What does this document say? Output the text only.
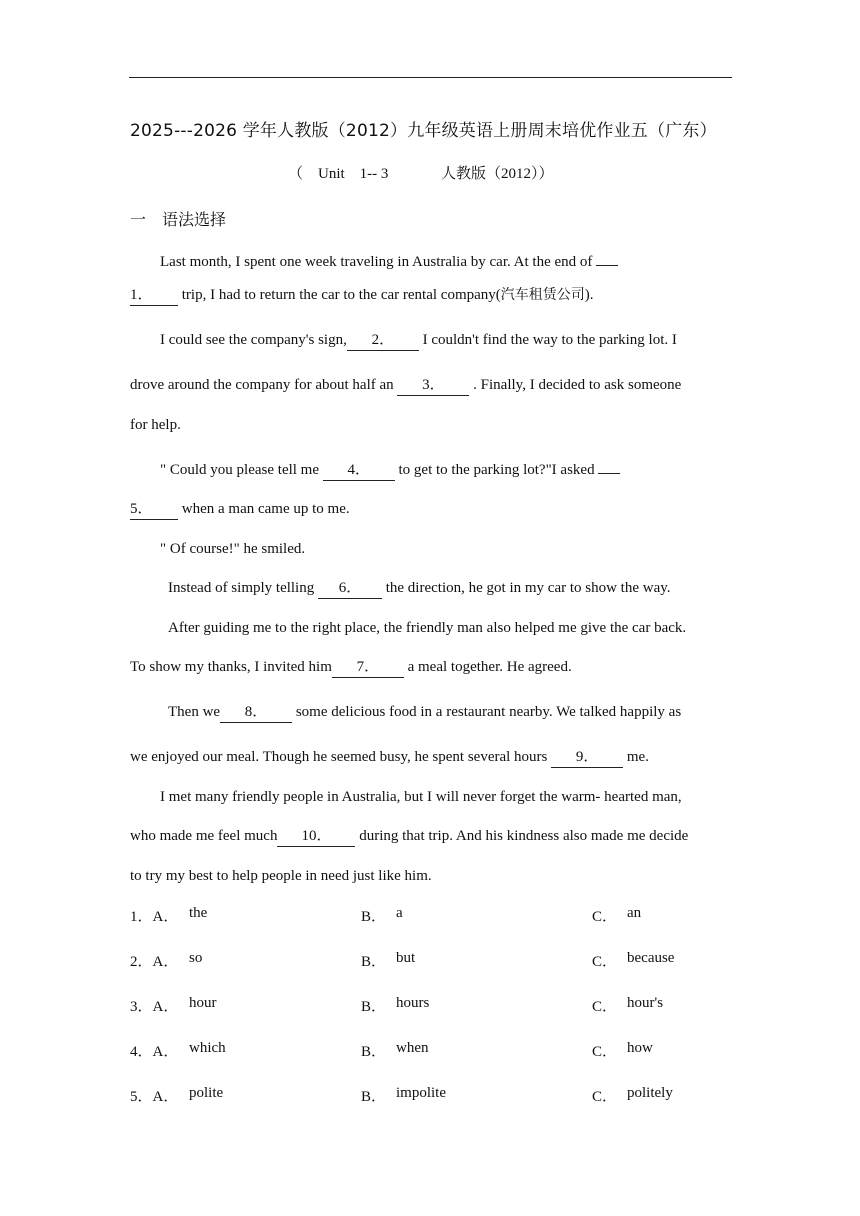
2025---2026 学年人教版（2012）九年级英语上册周末培优作业五（广东）
（　Unit　1-- 3	人教版（2012））
一 语法选择
Last month, I spent one week traveling in Australia by car. At the end of
1． trip, I had to return the car to the car rental company(汽车租赁公司).
I could see the company's sign, 2． I couldn't find the way to the parking lot. I
drove around the company for about half an 3． . Finally, I decided to ask someone
for help.
" Could you please tell me 4． to get to the parking lot?"I asked
5． when a man came up to me.
" Of course!" he smiled.
Instead of simply telling 6． the direction, he got in my car to show the way.
After guiding me to the right place, the friendly man also helped me give the car back.
To show my thanks, I invited him 7． a meal together. He agreed.
Then we 8． some delicious food in a restaurant nearby. We talked happily as
we enjoyed our meal. Though he seemed busy, he spent several hours 9． me.
I met many friendly people in Australia, but I will never forget the warm- hearted man,
who made me feel much 10． during that trip. And his kindness also made me decide
to try my best to help people in need just like him.
1．A． the	B． a	C． an
2．A． so	B． but	C． because
3．A． hour	B． hours	C． hour's
4．A． which	B． when	C． how
5．A． polite	B． impolite	C． politely
